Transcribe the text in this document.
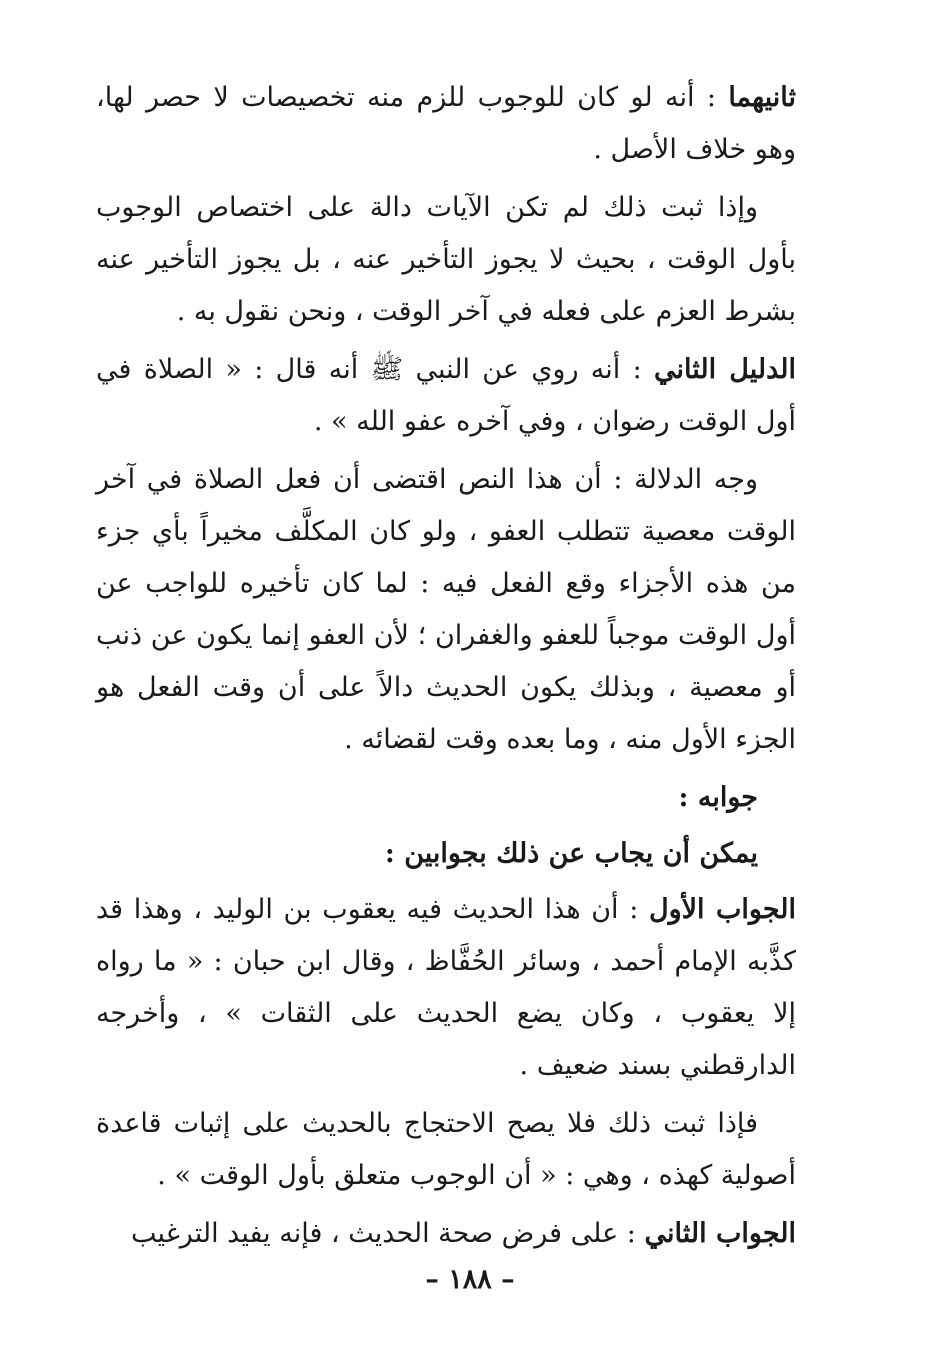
ثانيهما : أنه لو كان للوجوب للزم منه تخصيصات لا حصر لها، وهو خلاف الأصل .

وإذا ثبت ذلك لم تكن الآيات دالة على اختصاص الوجوب بأول الوقت ، بحيث لا يجوز التأخير عنه ، بل يجوز التأخير عنه بشرط العزم على فعله في آخر الوقت ، ونحن نقول به .

الدليل الثاني : أنه روي عن النبي ﷺ أنه قال : « الصلاة في أول الوقت رضوان ، وفي آخره عفو الله » .

وجه الدلالة : أن هذا النص اقتضى أن فعل الصلاة في آخر الوقت معصية تتطلب العفو ، ولو كان المكلَّف مخيراً بأي جزء من هذه الأجزاء وقع الفعل فيه : لما كان تأخيره للواجب عن أول الوقت موجباً للعفو والغفران ؛ لأن العفو إنما يكون عن ذنب أو معصية ، وبذلك يكون الحديث دالاً على أن وقت الفعل هو الجزء الأول منه ، وما بعده وقت لقضائه .

جوابه :

يمكن أن يجاب عن ذلك بجوابين :

الجواب الأول : أن هذا الحديث فيه يعقوب بن الوليد ، وهذا قد كذَّبه الإمام أحمد ، وسائر الحُفَّاظ ، وقال ابن حبان : « ما رواه إلا يعقوب ، وكان يضع الحديث على الثقات » ، وأخرجه الدارقطني بسند ضعيف .

فإذا ثبت ذلك فلا يصح الاحتجاج بالحديث على إثبات قاعدة أصولية كهذه ، وهي : « أن الوجوب متعلق بأول الوقت » .

الجواب الثاني : على فرض صحة الحديث ، فإنه يفيد الترغيب

– ١٨٨ –
